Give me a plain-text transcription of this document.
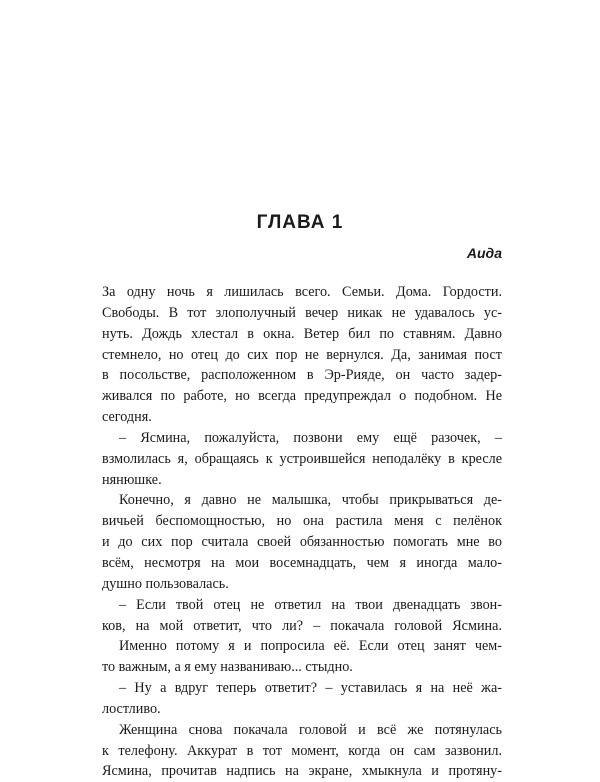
ГЛАВА 1

Аида

За одну ночь я лишилась всего. Семьи. Дома. Гордости.
Свободы. В тот злополучный вечер никак не удавалось ус-
нуть. Дождь хлестал в окна. Ветер бил по ставням. Давно
стемнело, но отец до сих пор не вернулся. Да, занимая пост
в посольстве, расположенном в Эр-Рияде, он часто задер-
живался по работе, но всегда предупреждал о подобном. Не
сегодня.
– Ясмина, пожалуйста, позвони ему ещё разочек, –
взмолилась я, обращаясь к устроившейся неподалёку в кресле
нянюшке.
Конечно, я давно не малышка, чтобы прикрываться де-
вичьей беспомощностью, но она растила меня с пелёнок
и до сих пор считала своей обязанностью помогать мне во
всём, несмотря на мои восемнадцать, чем я иногда мало-
душно пользовалась.
– Если твой отец не ответил на твои двенадцать звон-
ков, на мой ответит, что ли? – покачала головой Ясмина.
Именно потому я и попросила её. Если отец занят чем-
то важным, а я ему названиваю... стыдно.
– Ну а вдруг теперь ответит? – уставилась я на неё жа-
лостливо.
Женщина снова покачала головой и всё же потянулась
к телефону. Аккурат в тот момент, когда он сам зазвонил.
Ясмина, прочитав надпись на экране, хмыкнула и протяну-
